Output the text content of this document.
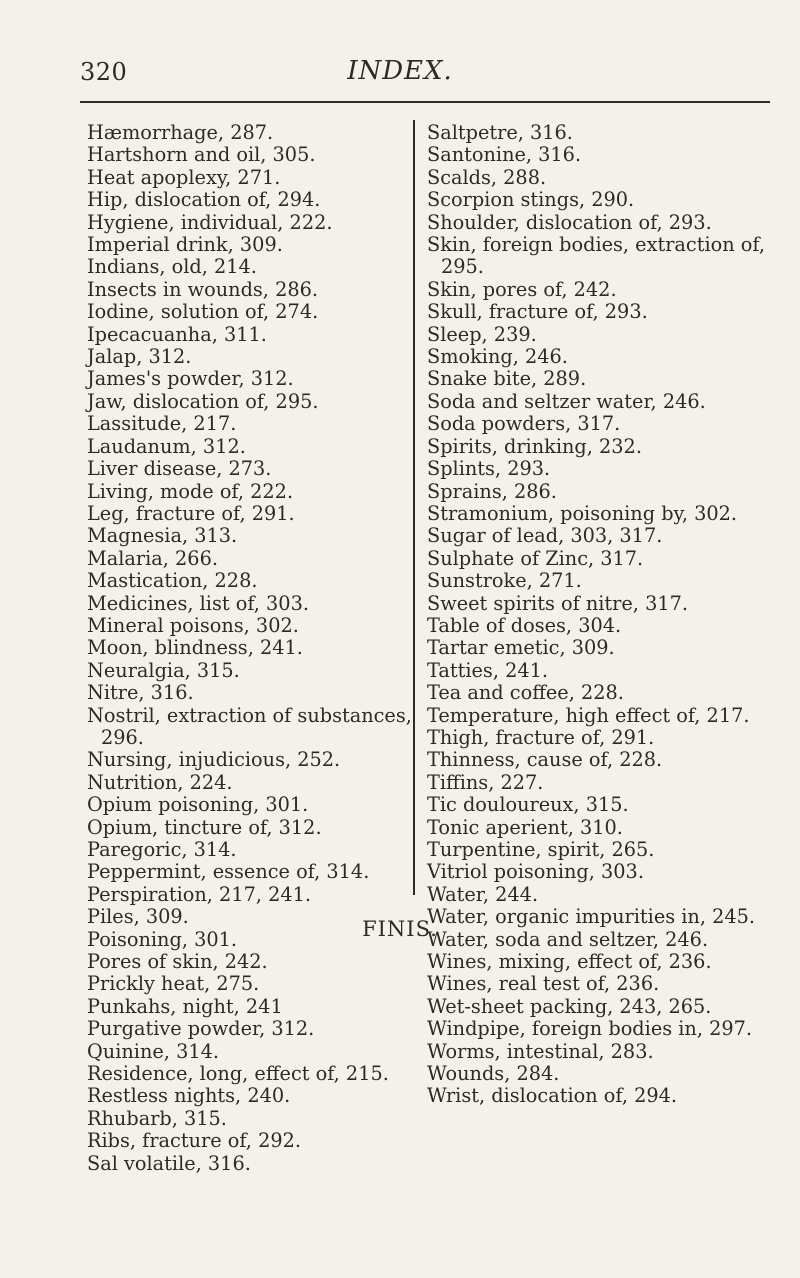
320	INDEX.
Hæmorrhage, 287.
Hartshorn and oil, 305.
Heat apoplexy, 271.
Hip, dislocation of, 294.
Hygiene, individual, 222.
Imperial drink, 309.
Indians, old, 214.
Insects in wounds, 286.
Iodine, solution of, 274.
Ipecacuanha, 311.
Jalap, 312.
James's powder, 312.
Jaw, dislocation of, 295.
Lassitude, 217.
Laudanum, 312.
Liver disease, 273.
Living, mode of, 222.
Leg, fracture of, 291.
Magnesia, 313.
Malaria, 266.
Mastication, 228.
Medicines, list of, 303.
Mineral poisons, 302.
Moon, blindness, 241.
Neuralgia, 315.
Nitre, 316.
Nostril, extraction of substances, 296.
Nursing, injudicious, 252.
Nutrition, 224.
Opium poisoning, 301.
Opium, tincture of, 312.
Paregoric, 314.
Peppermint, essence of, 314.
Perspiration, 217, 241.
Piles, 309.
Poisoning, 301.
Pores of skin, 242.
Prickly heat, 275.
Punkahs, night, 241
Purgative powder, 312.
Quinine, 314.
Residence, long, effect of, 215.
Restless nights, 240.
Rhubarb, 315.
Ribs, fracture of, 292.
Sal volatile, 316.
Saltpetre, 316.
Santonine, 316.
Scalds, 288.
Scorpion stings, 290.
Shoulder, dislocation of, 293.
Skin, foreign bodies, extraction of, 295.
Skin, pores of, 242.
Skull, fracture of, 293.
Sleep, 239.
Smoking, 246.
Snake bite, 289.
Soda and seltzer water, 246.
Soda powders, 317.
Spirits, drinking, 232.
Splints, 293.
Sprains, 286.
Stramonium, poisoning by, 302.
Sugar of lead, 303, 317.
Sulphate of Zinc, 317.
Sunstroke, 271.
Sweet spirits of nitre, 317.
Table of doses, 304.
Tartar emetic, 309.
Tatties, 241.
Tea and coffee, 228.
Temperature, high effect of, 217.
Thigh, fracture of, 291.
Thinness, cause of, 228.
Tiffins, 227.
Tic douloureux, 315.
Tonic aperient, 310.
Turpentine, spirit, 265.
Vitriol poisoning, 303.
Water, 244.
Water, organic impurities in, 245.
Water, soda and seltzer, 246.
Wines, mixing, effect of, 236.
Wines, real test of, 236.
Wet-sheet packing, 243, 265.
Windpipe, foreign bodies in, 297.
Worms, intestinal, 283.
Wounds, 284.
Wrist, dislocation of, 294.
FINIS.
